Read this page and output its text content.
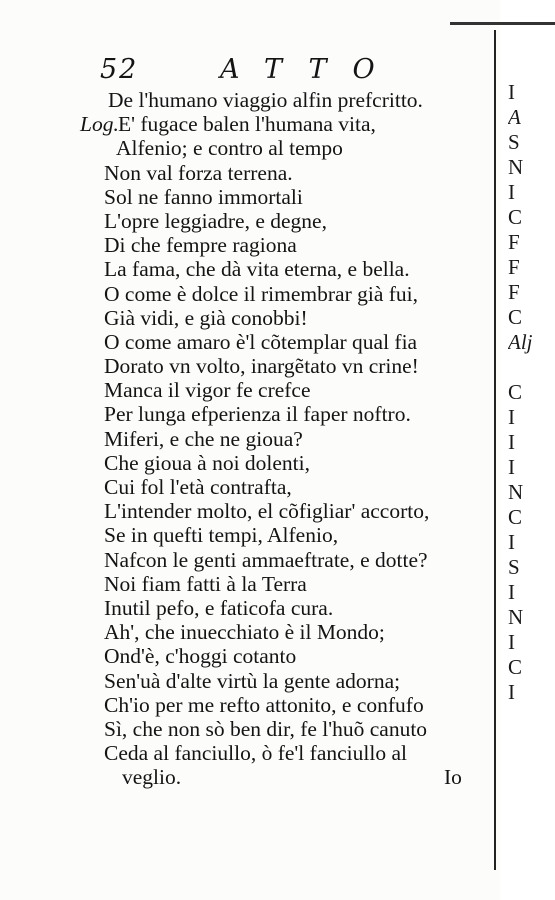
52	ATTO
De l'humano viaggio alfin prefcritto.
Log. E' fugace balen l'humana vita,
Alfenio; e contro al tempo
Non val forza terrena.
Sol ne fanno immortali
L'opre leggiadre, e degne,
Di che fempre ragiona
La fama, che dà vita eterna, e bella.
O come è dolce il rimembrar già fui,
Già vidi, e già conobbi!
O come amaro è'l cõtemplar qual fia
Dorato vn volto, inargẽtato vn crine!
Manca il vigor fe crefce
Per lunga efperienza il faper noftro.
Miferi, e che ne gioua?
Che gioua à noi dolenti,
Cui fol l'età contrafta,
L'intender molto, el cõfigliar' accorto,
Se in quefti tempi, Alfenio,
Nafcon le genti ammaeftrate, e dotte?
Noi fiam fatti à la Terra
Inutil pefo, e faticofa cura.
Ah', che inuecchiato è il Mondo;
Ond'è, c'hoggi cotanto
Sen'uà d'alte virtù la gente adorna;
Ch'io per me refto attonito, e confufo
Sì, che non sò ben dir, fe l'huõ canuto
Ceda al fanciullo, ò fe'l fanciullo al
veglio.	Io
I
A
S
N
I
C
F
F
F
C
Alj
C
I
I
I
N
C
I
S
I
N
I
C
I
